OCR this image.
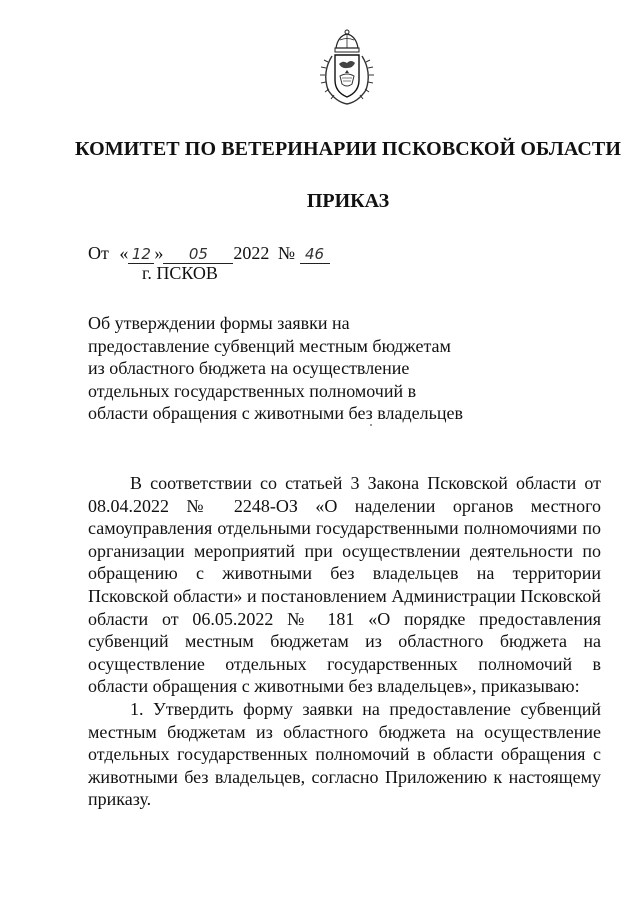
КОМИТЕТ ПО ВЕТЕРИНАРИИ ПСКОВСКОЙ ОБЛАСТИ
ПРИКАЗ
От « 12 » 05 2022 № 46
г. ПСКОВ
Об утверждении формы заявки на предоставление субвенций местным бюджетам из областного бюджета на осуществление отдельных государственных полномочий в области обращения с животными без владельцев

В соответствии со статьей 3 Закона Псковской области от 08.04.2022 № 2248-ОЗ «О наделении органов местного самоуправления отдельными государственными полномочиями по организации мероприятий при осуществлении деятельности по обращению с животными без владельцев на территории Псковской области» и постановлением Администрации Псковской области от 06.05.2022 № 181 «О порядке предоставления субвенций местным бюджетам из областного бюджета на осуществление отдельных государственных полномочий в области обращения с животными без владельцев», приказываю:

1. Утвердить форму заявки на предоставление субвенций местным бюджетам из областного бюджета на осуществление отдельных государственных полномочий в области обращения с животными без владельцев, согласно Приложению к настоящему приказу.
